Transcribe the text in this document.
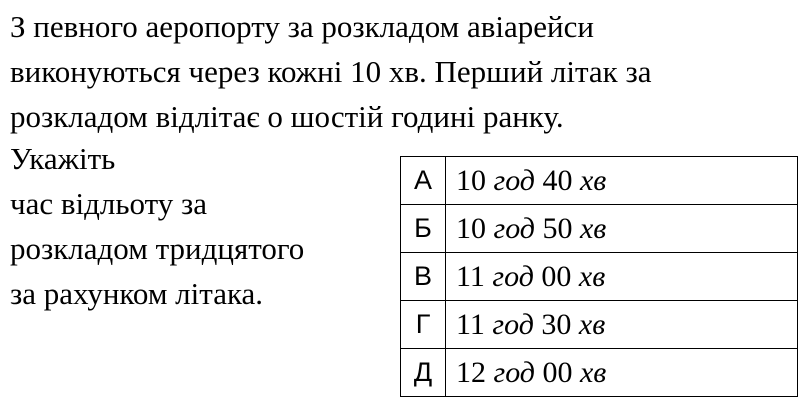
З певного аеропорту за розкладом авіарейси
виконуються через кожні 10 хв. Перший літак за
розкладом відлітає о шостій годині ранку.
Укажіть
час відльоту за
розкладом тридцятого
за рахунком літака.
А	10 год 40 хв
Б	10 год 50 хв
В	11 год 00 хв
Г	11 год 30 хв
Д	12 год 00 хв
